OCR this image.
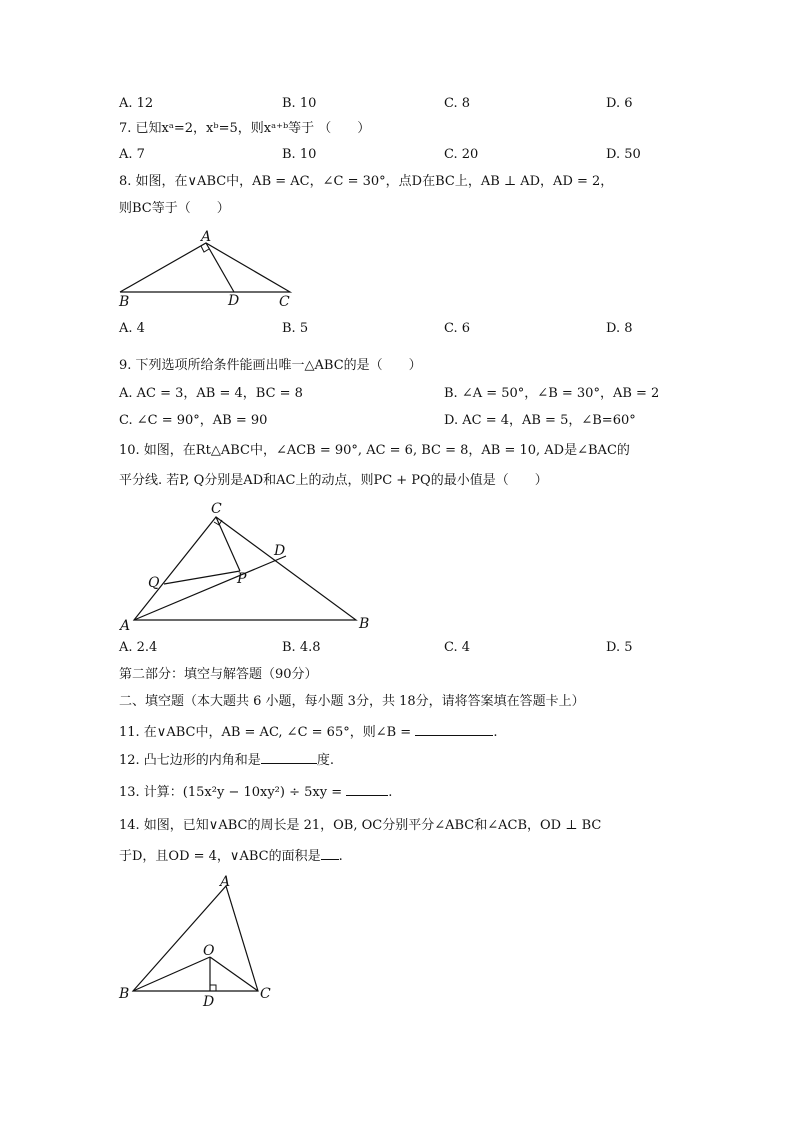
A. 12	B. 10	C. 8	D. 6
7. 已知xᵃ=2，xᵇ=5，则xᵃ⁺ᵇ等于 （　　）
A. 7	B. 10	C. 20	D. 50
8. 如图，在∨ABC中，AB = AC，∠C = 30°，点D在BC上，AB ⊥ AD，AD = 2，
则BC等于（　　）
A
B	D	C
A. 4	B. 5	C. 6	D. 8
9. 下列选项所给条件能画出唯一△ABC的是（　　）
A. AC = 3，AB = 4，BC = 8	B. ∠A = 50°，∠B = 30°，AB = 2
C. ∠C = 90°，AB = 90	D. AC = 4，AB = 5，∠B=60°
10. 如图，在Rt△ABC中，∠ACB = 90°, AC = 6, BC = 8，AB = 10, AD是∠BAC的
平分线. 若P, Q分别是AD和AC上的动点，则PC + PQ的最小值是（　　）
C
D
Q	P
A	B
A. 2.4	B. 4.8	C. 4	D. 5
第二部分：填空与解答题（90分）
二、填空题（本大题共 6 小题，每小题 3分，共 18分，请将答案填在答题卡上）
11. 在∨ABC中，AB = AC, ∠C = 65°，则∠B =	.
12. 凸七边形的内角和是	度.
13. 计算：(15x²y − 10xy²) ÷ 5xy =	.
14. 如图，已知∨ABC的周长是 21，OB, OC分别平分∠ABC和∠ACB，OD ⊥ BC
于D，且OD = 4，∨ABC的面积是 .
A
O
B	D	C
